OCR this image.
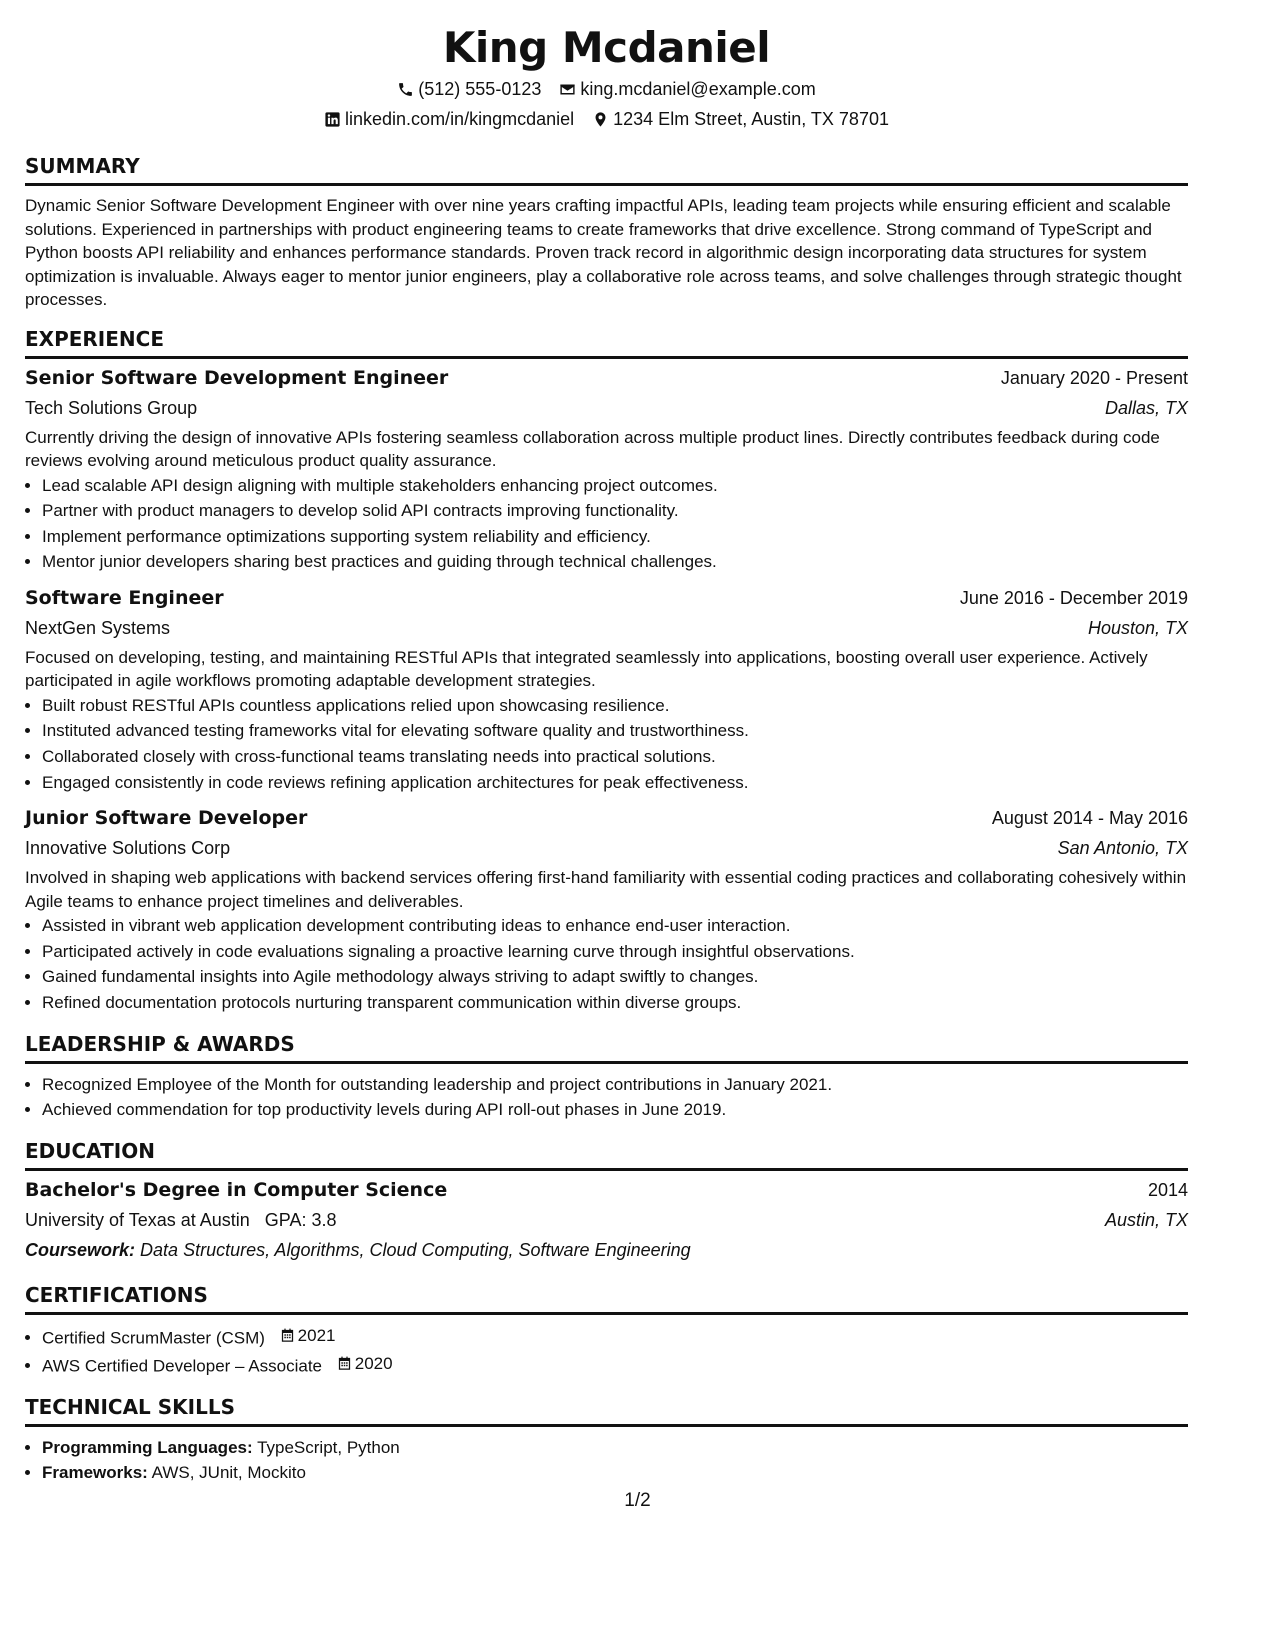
King Mcdaniel
(512) 555-0123 king.mcdaniel@example.com
linkedin.com/in/kingmcdaniel 1234 Elm Street, Austin, TX 78701
SUMMARY

Dynamic Senior Software Development Engineer with over nine years crafting impactful APIs, leading team projects while ensuring efficient and scalable solutions. Experienced in partnerships with product engineering teams to create frameworks that drive excellence. Strong command of TypeScript and Python boosts API reliability and enhances performance standards. Proven track record in algorithmic design incorporating data structures for system optimization is invaluable. Always eager to mentor junior engineers, play a collaborative role across teams, and solve challenges through strategic thought processes.

EXPERIENCE
Senior Software Development Engineer	January 2020 - Present
Tech Solutions Group	Dallas, TX

Currently driving the design of innovative APIs fostering seamless collaboration across multiple product lines. Directly contributes feedback during code reviews evolving around meticulous product quality assurance.

• Lead scalable API design aligning with multiple stakeholders enhancing project outcomes.
• Partner with product managers to develop solid API contracts improving functionality.
• Implement performance optimizations supporting system reliability and efficiency.
• Mentor junior developers sharing best practices and guiding through technical challenges.
Software Engineer	June 2016 - December 2019
NextGen Systems	Houston, TX

Focused on developing, testing, and maintaining RESTful APIs that integrated seamlessly into applications, boosting overall user experience. Actively participated in agile workflows promoting adaptable development strategies.

• Built robust RESTful APIs countless applications relied upon showcasing resilience.
• Instituted advanced testing frameworks vital for elevating software quality and trustworthiness.
• Collaborated closely with cross-functional teams translating needs into practical solutions.
• Engaged consistently in code reviews refining application architectures for peak effectiveness.
Junior Software Developer	August 2014 - May 2016
Innovative Solutions Corp	San Antonio, TX

Involved in shaping web applications with backend services offering first-hand familiarity with essential coding practices and collaborating cohesively within Agile teams to enhance project timelines and deliverables.

• Assisted in vibrant web application development contributing ideas to enhance end-user interaction.
• Participated actively in code evaluations signaling a proactive learning curve through insightful observations.
• Gained fundamental insights into Agile methodology always striving to adapt swiftly to changes.
• Refined documentation protocols nurturing transparent communication within diverse groups.
LEADERSHIP & AWARDS
• Recognized Employee of the Month for outstanding leadership and project contributions in January 2021.
• Achieved commendation for top productivity levels during API roll-out phases in June 2019.
EDUCATION
Bachelor's Degree in Computer Science	2014
University of Texas at Austin GPA: 3.8	Austin, TX
Coursework: Data Structures, Algorithms, Cloud Computing, Software Engineering
CERTIFICATIONS
• Certified ScrumMaster (CSM) 2021
• AWS Certified Developer – Associate 2020
TECHNICAL SKILLS
• Programming Languages: TypeScript, Python
• Frameworks: AWS, JUnit, Mockito
1/2
